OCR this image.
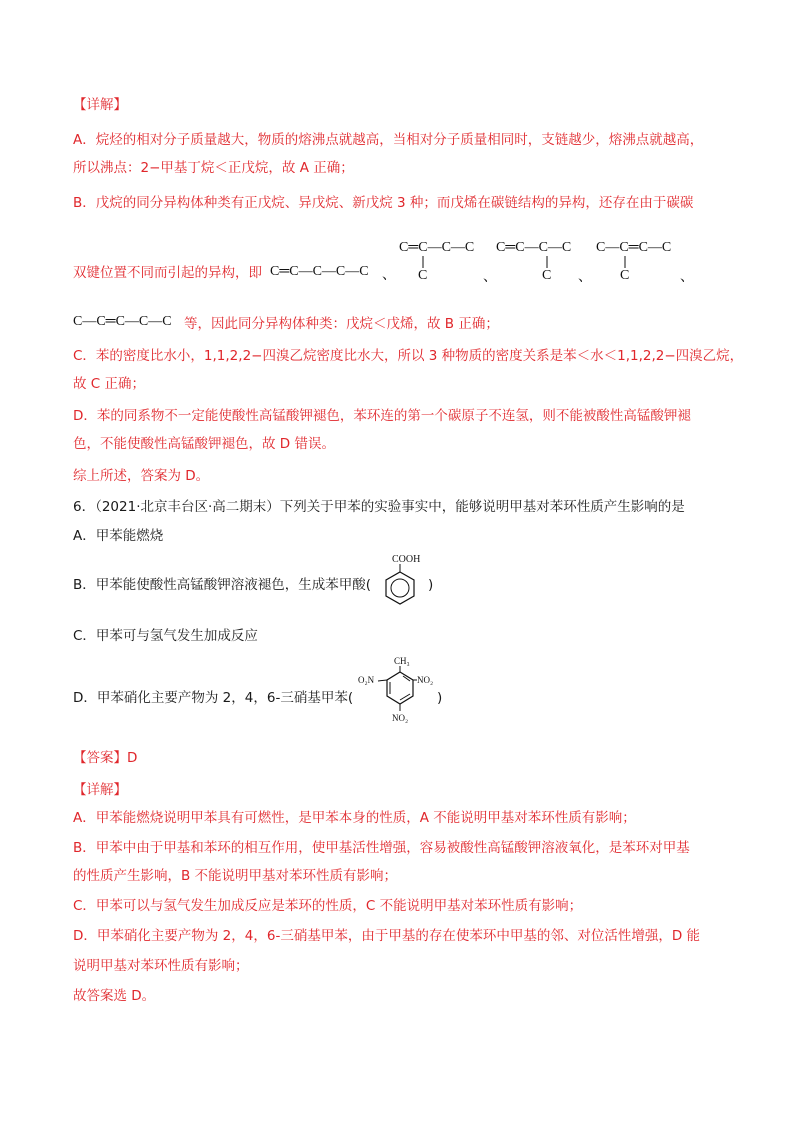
【详解】
A．烷烃的相对分子质量越大，物质的熔沸点就越高，当相对分子质量相同时，支链越少，熔沸点就越高，
所以沸点：2−甲基丁烷＜正戊烷，故 A 正确；
B．戊烷的同分异构体种类有正戊烷、异戊烷、新戊烷 3 种；而戊烯在碳链结构的异构，还存在由于碳碳
双键位置不同而引起的异构，即 C═C—C—C—C 、
C═C—C—C
C	、
C═C—C—C
C 、
C—C═C—C
C	、
C—C═C—C—C 等，因此同分异构体种类：戊烷＜戊烯，故 B 正确；
C．苯的密度比水小，1,1,2,2−四溴乙烷密度比水大，所以 3 种物质的密度关系是苯＜水＜1,1,2,2−四溴乙烷，
故 C 正确；
D．苯的同系物不一定能使酸性高锰酸钾褪色，苯环连的第一个碳原子不连氢，则不能被酸性高锰酸钾褪
色，不能使酸性高锰酸钾褪色，故 D 错误。
综上所述，答案为 D。
6．（2021·北京丰台区·高二期末）下列关于甲苯的实验事实中，能够说明甲基对苯环性质产生影响的是
A．甲苯能燃烧
B．甲苯能使酸性高锰酸钾溶液褪色，生成苯甲酸(
COOH
)
C．甲苯可与氢气发生加成反应
D．甲苯硝化主要产物为 2，4，6-三硝基甲苯(
CH₃
O₂N	NO₂
NO₂
)
【答案】D
【详解】
A．甲苯能燃烧说明甲苯具有可燃性，是甲苯本身的性质，A 不能说明甲基对苯环性质有影响；
B．甲苯中由于甲基和苯环的相互作用，使甲基活性增强，容易被酸性高锰酸钾溶液氧化，是苯环对甲基
的性质产生影响，B 不能说明甲基对苯环性质有影响；
C．甲苯可以与氢气发生加成反应是苯环的性质，C 不能说明甲基对苯环性质有影响；
D．甲苯硝化主要产物为 2，4，6-三硝基甲苯，由于甲基的存在使苯环中甲基的邻、对位活性增强，D 能
说明甲基对苯环性质有影响；
故答案选 D。
